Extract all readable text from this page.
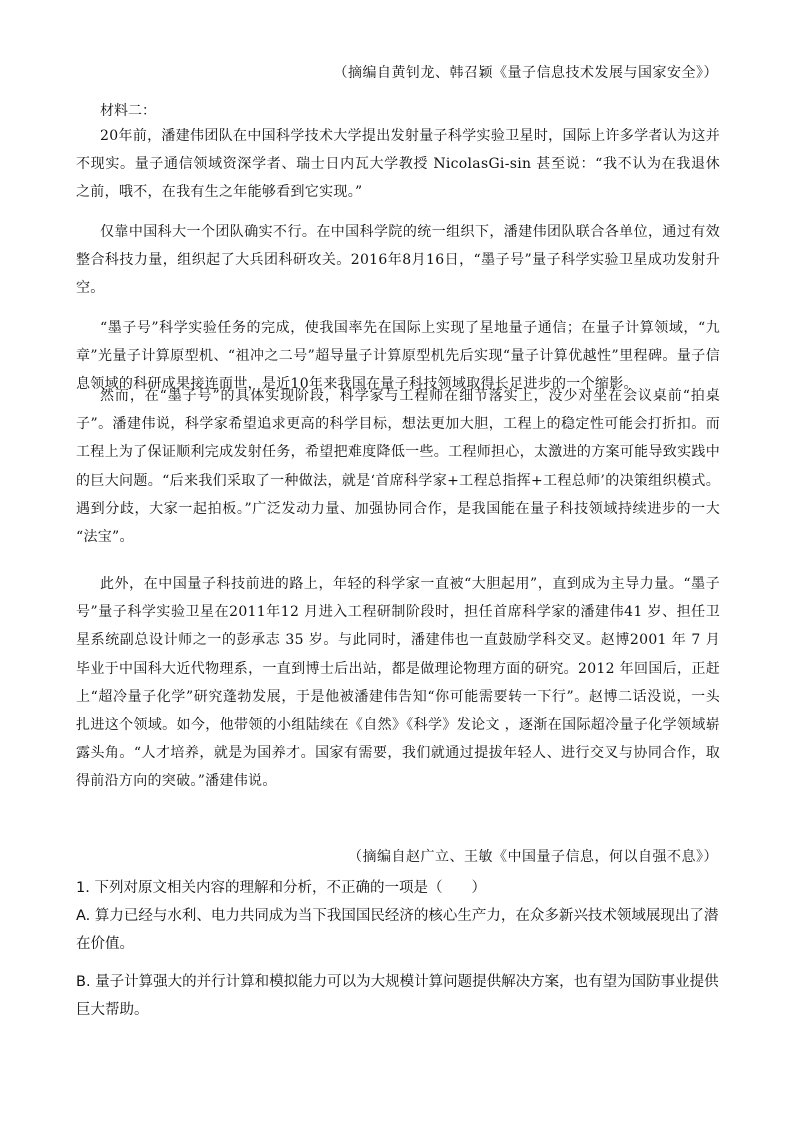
（摘编自黄钊龙、韩召颖《量子信息技术发展与国家安全》）
材料二：

20年前，潘建伟团队在中国科学技术大学提出发射量子科学实验卫星时，国际上许多学者认为这并不现实。量子通信领域资深学者、瑞士日内瓦大学教授 NicolasGi-sin 甚至说：“我不认为在我退休之前，哦不，在我有生之年能够看到它实现。”

仅靠中国科大一个团队确实不行。在中国科学院的统一组织下，潘建伟团队联合各单位，通过有效整合科技力量，组织起了大兵团科研攻关。2016年8月16日，“墨子号”量子科学实验卫星成功发射升空。

“墨子号”科学实验任务的完成，使我国率先在国际上实现了星地量子通信；在量子计算领域，“九章”光量子计算原型机、“祖冲之二号”超导量子计算原型机先后实现“量子计算优越性”里程碑。量子信息领域的科研成果接连面世，是近10年来我国在量子科技领域取得长足进步的一个缩影。

然而，在“墨子号”的具体实现阶段，科学家与工程师在细节落实上，没少对坐在会议桌前“拍桌子”。潘建伟说，科学家希望追求更高的科学目标，想法更加大胆，工程上的稳定性可能会打折扣。而工程上为了保证顺利完成发射任务，希望把难度降低一些。工程师担心，太激进的方案可能导致实践中的巨大问题。“后来我们采取了一种做法，就是‘首席科学家+工程总指挥+工程总师’的决策组织模式。遇到分歧，大家一起拍板。”广泛发动力量、加强协同合作，是我国能在量子科技领域持续进步的一大 “法宝”。

此外，在中国量子科技前进的路上，年轻的科学家一直被“大胆起用”，直到成为主导力量。“墨子号”量子科学实验卫星在2011年12 月进入工程研制阶段时，担任首席科学家的潘建伟41 岁、担任卫星系统副总设计师之一的彭承志 35 岁。与此同时，潘建伟也一直鼓励学科交叉。赵博2001 年 7 月毕业于中国科大近代物理系，一直到博士后出站，都是做理论物理方面的研究。2012 年回国后，正赶上“超冷量子化学”研究蓬勃发展，于是他被潘建伟告知“你可能需要转一下行”。赵博二话没说，一头扎进这个领域。如今，他带领的小组陆续在《自然》《科学》发论文 ，逐渐在国际超冷量子化学领域崭露头角。“人才培养，就是为国养才。国家有需要，我们就通过提拔年轻人、进行交叉与协同合作，取得前沿方向的突破。”潘建伟说。

（摘编自赵广立、王敏《中国量子信息，何以自强不息》）

1. 下列对原文相关内容的理解和分析，不正确的一项是（　　）

A. 算力已经与水利、电力共同成为当下我国国民经济的核心生产力，在众多新兴技术领域展现出了潜在价值。

B. 量子计算强大的并行计算和模拟能力可以为大规模计算问题提供解决方案，也有望为国防事业提供巨大帮助。
